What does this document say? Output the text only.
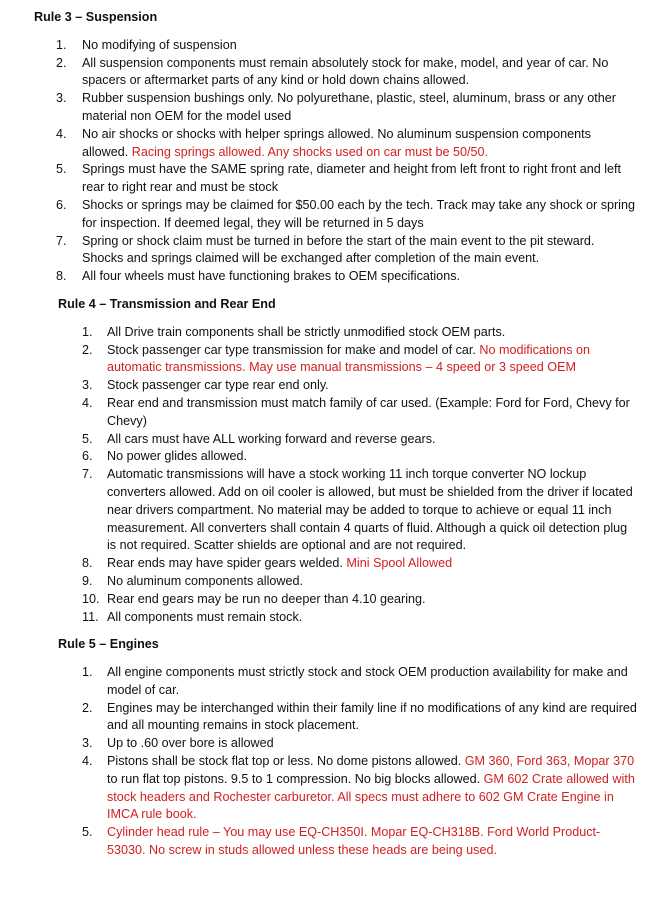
Rule 3 – Suspension
1. No modifying of suspension
2. All suspension components must remain absolutely stock for make, model, and year of car. No spacers or aftermarket parts of any kind or hold down chains allowed.
3. Rubber suspension bushings only. No polyurethane, plastic, steel, aluminum, brass or any other material non OEM for the model used
4. No air shocks or shocks with helper springs allowed. No aluminum suspension components allowed. Racing springs allowed. Any shocks used on car must be 50/50.
5. Springs must have the SAME spring rate, diameter and height from left front to right front and left rear to right rear and must be stock
6. Shocks or springs may be claimed for $50.00 each by the tech. Track may take any shock or spring for inspection. If deemed legal, they will be returned in 5 days
7. Spring or shock claim must be turned in before the start of the main event to the pit steward. Shocks and springs claimed will be exchanged after completion of the main event.
8. All four wheels must have functioning brakes to OEM specifications.
Rule 4 – Transmission and Rear End
1. All Drive train components shall be strictly unmodified stock OEM parts.
2. Stock passenger car type transmission for make and model of car. No modifications on automatic transmissions. May use manual transmissions – 4 speed or 3 speed OEM
3. Stock passenger car type rear end only.
4. Rear end and transmission must match family of car used. (Example: Ford for Ford, Chevy for Chevy)
5. All cars must have ALL working forward and reverse gears.
6. No power glides allowed.
7. Automatic transmissions will have a stock working 11 inch torque converter NO lockup converters allowed. Add on oil cooler is allowed, but must be shielded from the driver if located near drivers compartment. No material may be added to torque to achieve or equal 11 inch measurement. All converters shall contain 4 quarts of fluid. Although a quick oil detection plug is not required. Scatter shields are optional and are not required.
8. Rear ends may have spider gears welded. Mini Spool Allowed
9. No aluminum components allowed.
10. Rear end gears may be run no deeper than 4.10 gearing.
11. All components must remain stock.
Rule 5 – Engines
1. All engine components must strictly stock and stock OEM production availability for make and model of car.
2. Engines may be interchanged within their family line if no modifications of any kind are required and all mounting remains in stock placement.
3. Up to .60 over bore is allowed
4. Pistons shall be stock flat top or less. No dome pistons allowed. GM 360, Ford 363, Mopar 370 to run flat top pistons. 9.5 to 1 compression. No big blocks allowed. GM 602 Crate allowed with stock headers and Rochester carburetor. All specs must adhere to 602 GM Crate Engine in IMCA rule book.
5. Cylinder head rule – You may use EQ-CH350I. Mopar EQ-CH318B. Ford World Product-53030. No screw in studs allowed unless these heads are being used.
